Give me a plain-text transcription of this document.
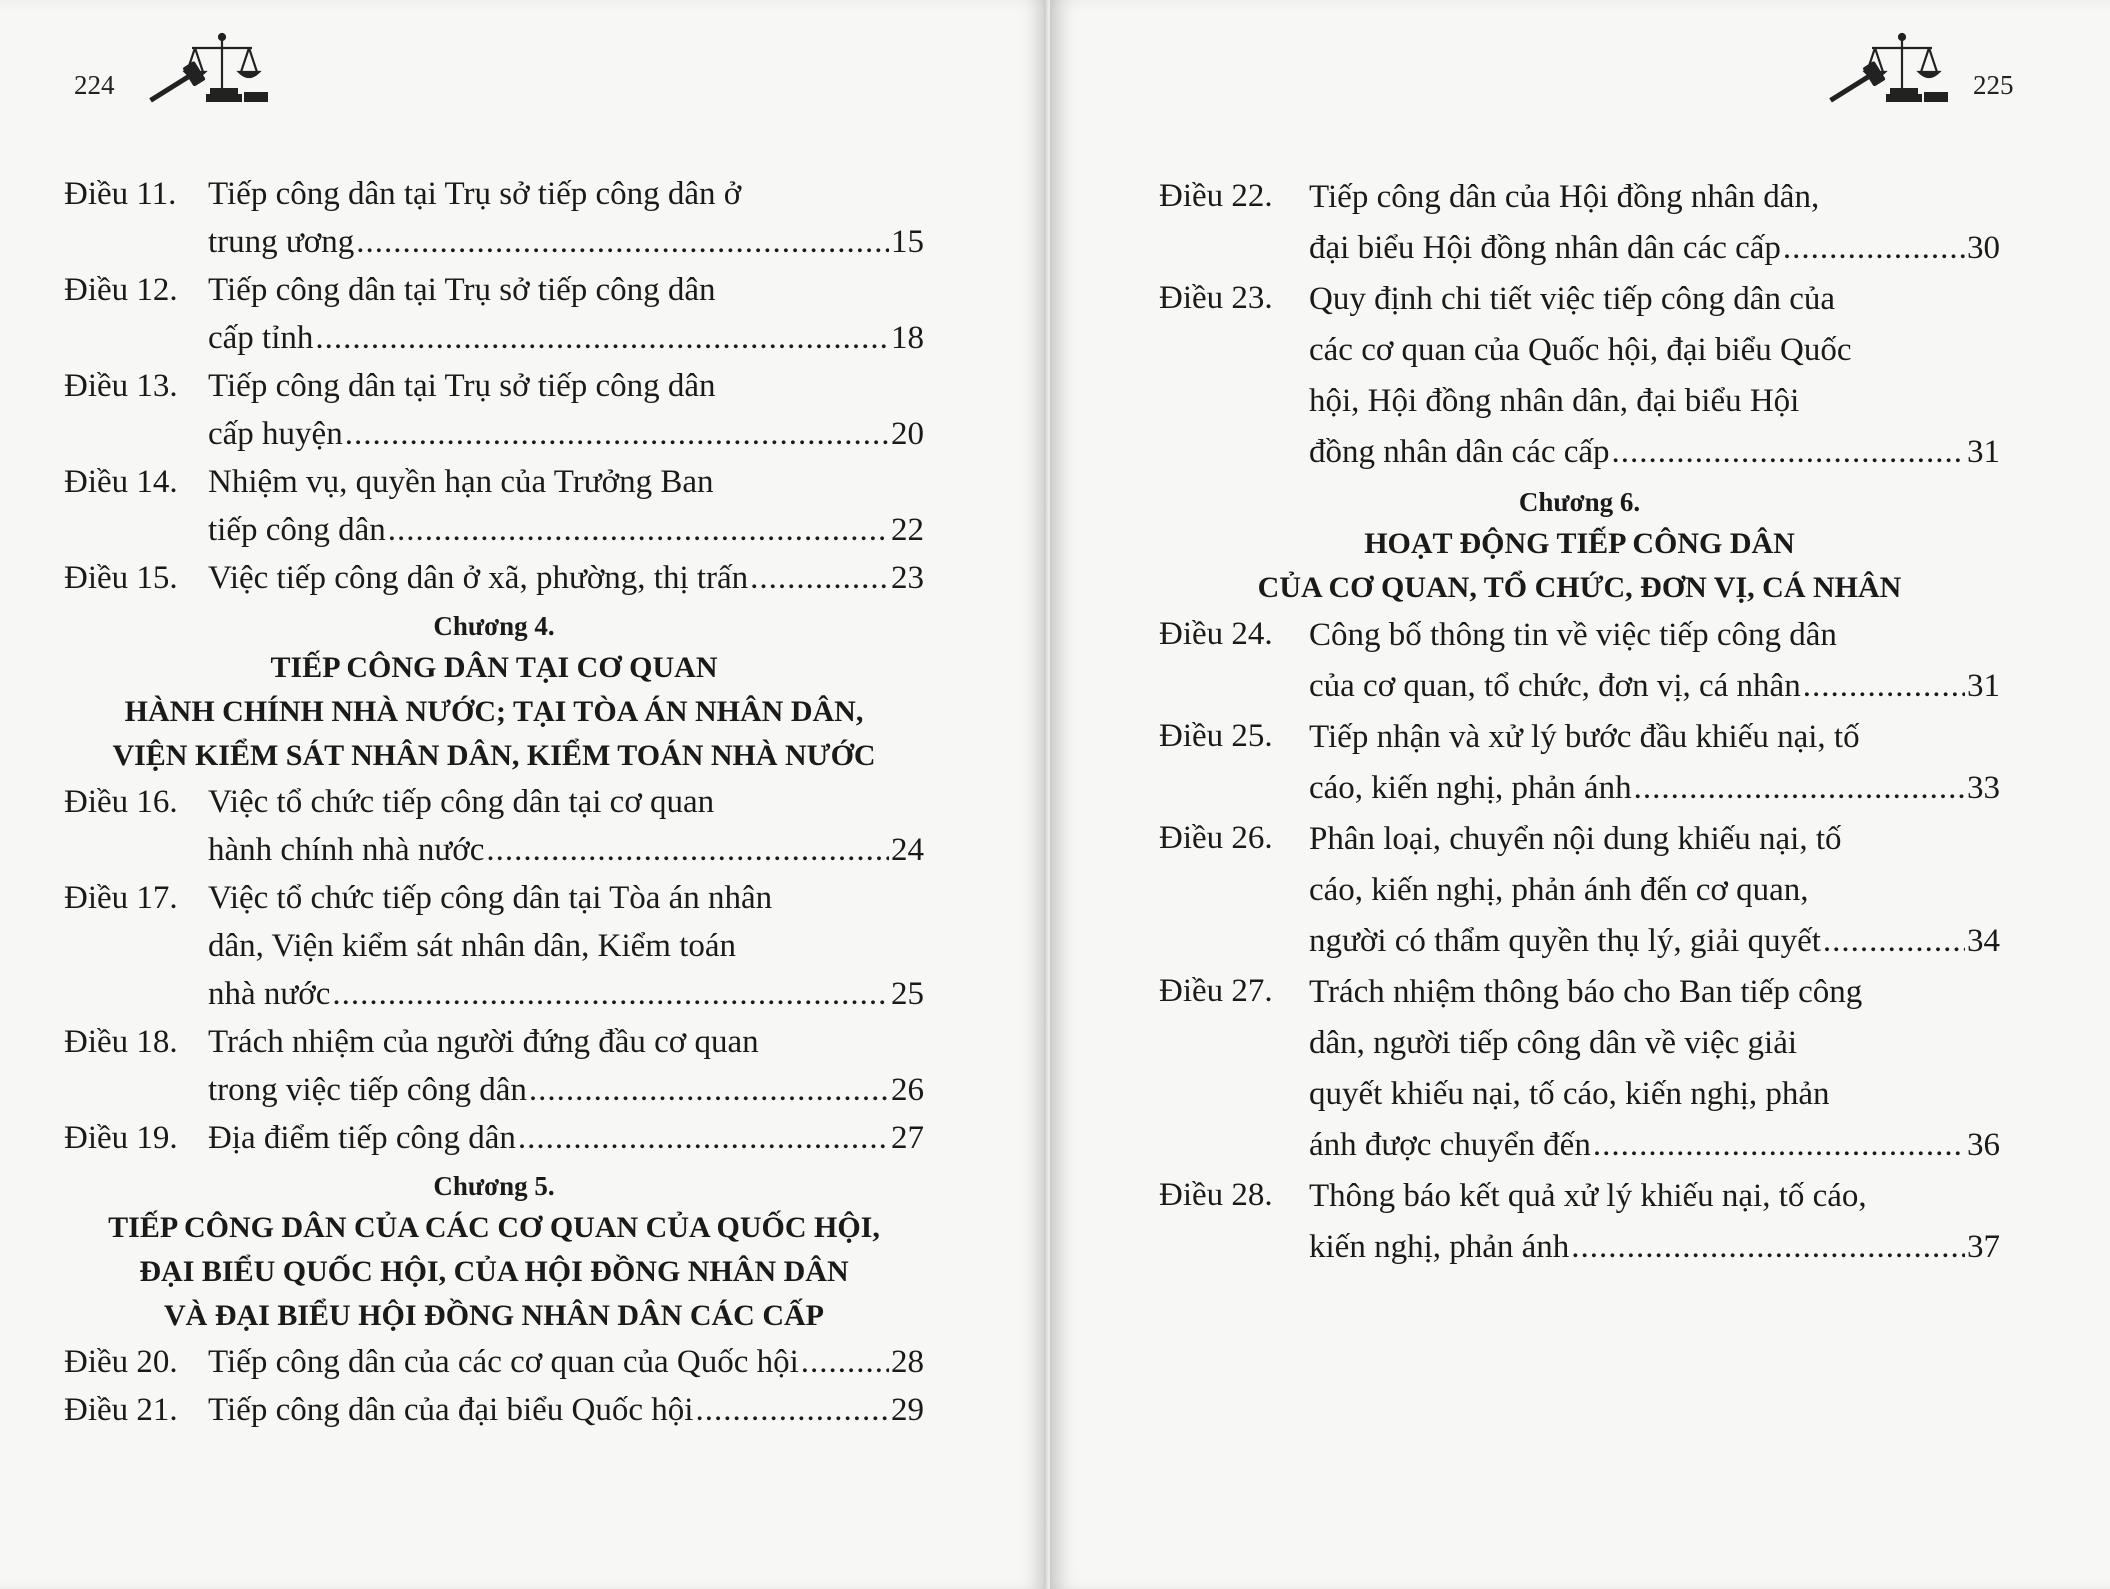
224
Điều 11. Tiếp công dân tại Trụ sở tiếp công dân ở
trung ương .....	15
Điều 12. Tiếp công dân tại Trụ sở tiếp công dân
cấp tỉnh .....	18
Điều 13. Tiếp công dân tại Trụ sở tiếp công dân
cấp huyện .....	20
Điều 14. Nhiệm vụ, quyền hạn của Trưởng Ban
tiếp công dân .....	22
Điều 15. Việc tiếp công dân ở xã, phường, thị trấn .....	23
Chương 4.
TIẾP CÔNG DÂN TẠI CƠ QUAN
HÀNH CHÍNH NHÀ NƯỚC; TẠI TÒA ÁN NHÂN DÂN,
VIỆN KIỂM SÁT NHÂN DÂN, KIỂM TOÁN NHÀ NƯỚC
Điều 16. Việc tổ chức tiếp công dân tại cơ quan
hành chính nhà nước .....	24
Điều 17. Việc tổ chức tiếp công dân tại Tòa án nhân
dân, Viện kiểm sát nhân dân, Kiểm toán
nhà nước .....	25
Điều 18. Trách nhiệm của người đứng đầu cơ quan
trong việc tiếp công dân .....	26
Điều 19. Địa điểm tiếp công dân .....	27
Chương 5.
TIẾP CÔNG DÂN CỦA CÁC CƠ QUAN CỦA QUỐC HỘI,
ĐẠI BIỂU QUỐC HỘI, CỦA HỘI ĐỒNG NHÂN DÂN
VÀ ĐẠI BIỂU HỘI ĐỒNG NHÂN DÂN CÁC CẤP
Điều 20. Tiếp công dân của các cơ quan của Quốc hội .....	28
Điều 21. Tiếp công dân của đại biểu Quốc hội .....	29
225
Điều 22.	Tiếp công dân của Hội đồng nhân dân,
đại biểu Hội đồng nhân dân các cấp .....	30
Điều 23.	Quy định chi tiết việc tiếp công dân của
các cơ quan của Quốc hội, đại biểu Quốc
hội, Hội đồng nhân dân, đại biểu Hội
đồng nhân dân các cấp .....	31
Chương 6.
HOẠT ĐỘNG TIẾP CÔNG DÂN
CỦA CƠ QUAN, TỔ CHỨC, ĐƠN VỊ, CÁ NHÂN
Điều 24.	Công bố thông tin về việc tiếp công dân
của cơ quan, tổ chức, đơn vị, cá nhân .....	31
Điều 25.	Tiếp nhận và xử lý bước đầu khiếu nại, tố
cáo, kiến nghị, phản ánh .....	33
Điều 26.	Phân loại, chuyển nội dung khiếu nại, tố
cáo, kiến nghị, phản ánh đến cơ quan,
người có thẩm quyền thụ lý, giải quyết .....	34
Điều 27.	Trách nhiệm thông báo cho Ban tiếp công
dân, người tiếp công dân về việc giải
quyết khiếu nại, tố cáo, kiến nghị, phản
ánh được chuyển đến .....	36
Điều 28.	Thông báo kết quả xử lý khiếu nại, tố cáo,
kiến nghị, phản ánh .....	37
